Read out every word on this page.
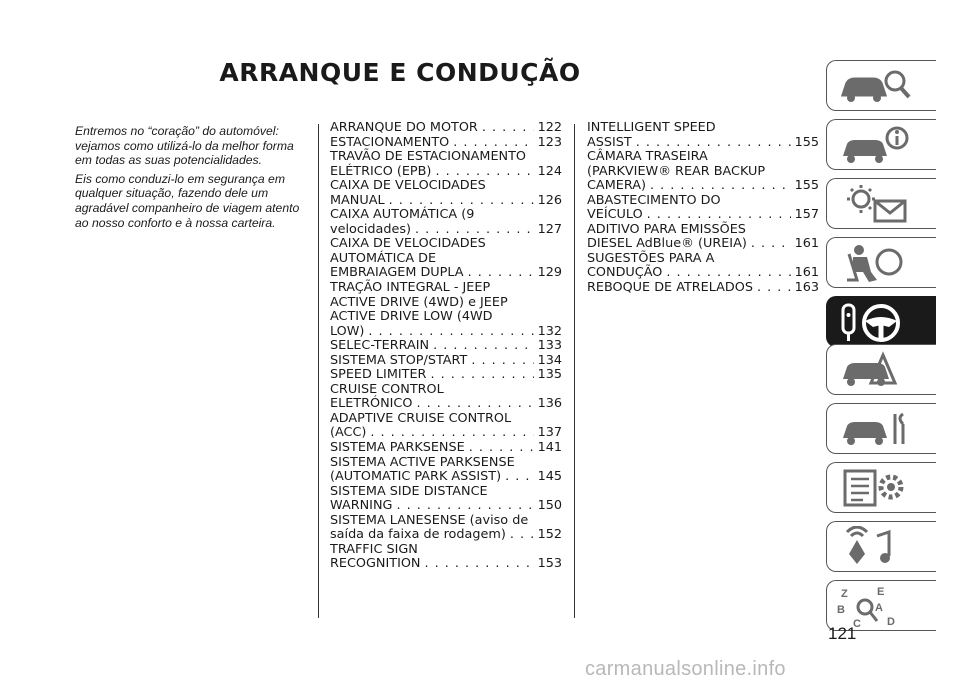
ARRANQUE E CONDUÇÃO

Entremos no “coração” do automóvel: vejamos como utilizá-lo da melhor forma em todas as suas potencialidades.

Eis como conduzi-lo em segurança em qualquer situação, fazendo dele um agradável companheiro de viagem atento ao nosso conforto e à nossa carteira.

ARRANQUE DO MOTOR . . .	122
ESTACIONAMENTO . . .	123
TRAVÃO DE ESTACIONAMENTO
ELÉTRICO (EPB) . . .	124
CAIXA DE VELOCIDADES
MANUAL . . .	126
CAIXA AUTOMÁTICA (9
velocidades) . . .	127
CAIXA DE VELOCIDADES
AUTOMÁTICA DE
EMBRAIAGEM DUPLA . . .	129
TRAÇÃO INTEGRAL - JEEP
ACTIVE DRIVE (4WD) e JEEP
ACTIVE DRIVE LOW (4WD
LOW) . . .	132
SELEC-TERRAIN . . .	133
SISTEMA STOP/START . . .	134
SPEED LIMITER . . .	135
CRUISE CONTROL
ELETRÓNICO . . .	136
ADAPTIVE CRUISE CONTROL
(ACC) . . .	137
SISTEMA PARKSENSE . . .	141
SISTEMA ACTIVE PARKSENSE
(AUTOMATIC PARK ASSIST) . . .	145
SISTEMA SIDE DISTANCE
WARNING . . .	150
SISTEMA LANESENSE (aviso de
saída da faixa de rodagem) . . . 152
TRAFFIC SIGN
RECOGNITION . . .	153
INTELLIGENT SPEED
ASSIST . . .	155
CÂMARA TRASEIRA
(PARKVIEW® REAR BACKUP
CAMERA) . . .	155
ABASTECIMENTO DO
VEÍCULO . . .	157
ADITIVO PARA EMISSÕES
DIESEL AdBlue® (UREIA) . . .	161
SUGESTÕES PARA A
CONDUÇÃO . . .	161
REBOQUE DE ATRELADOS . . .	163
Z	E
B	A
C D
121
carmanualsonline.info
